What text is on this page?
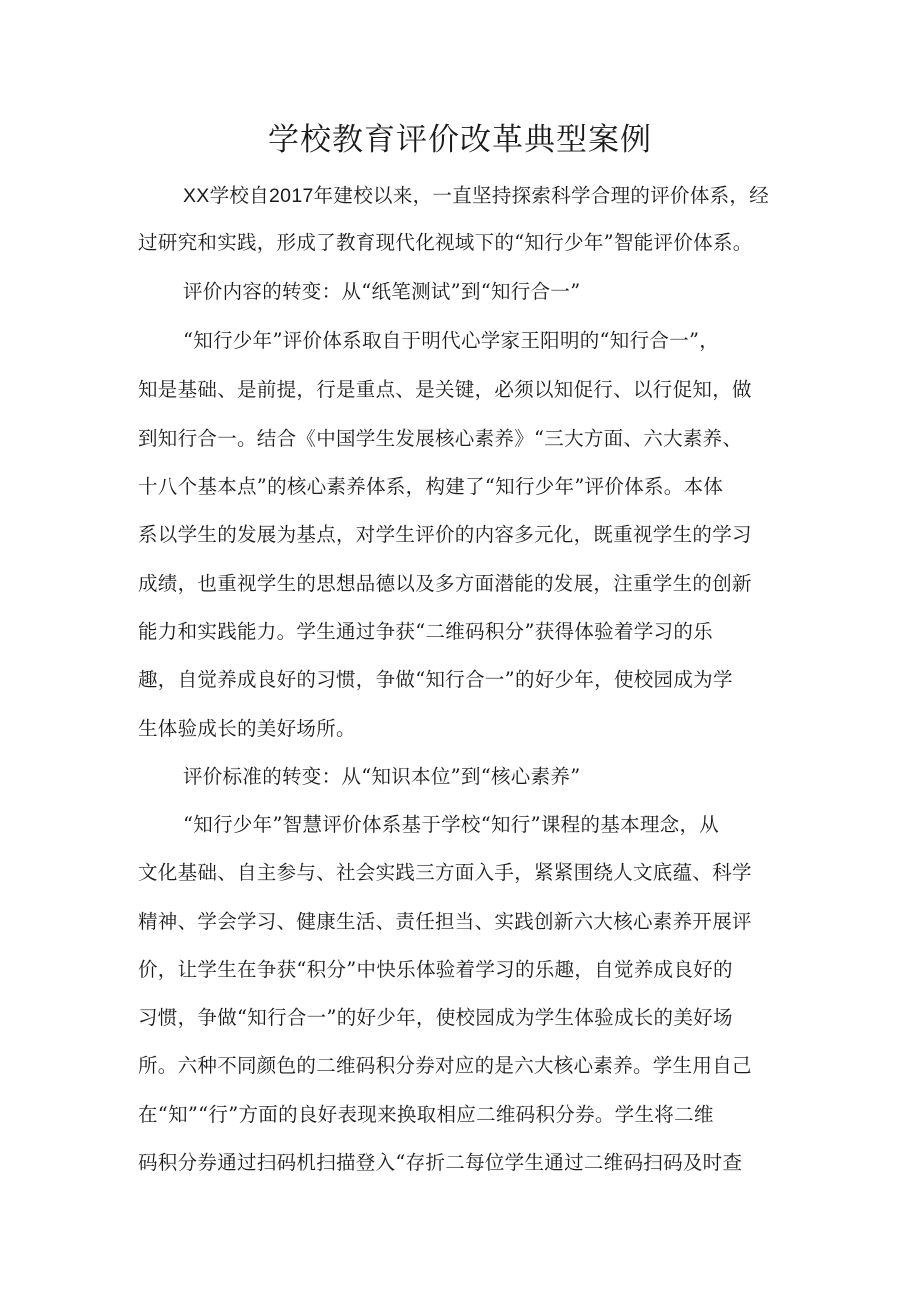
学校教育评价改革典型案例
XX学校自2017年建校以来，一直坚持探索科学合理的评价体系，经
过研究和实践，形成了教育现代化视域下的“知行少年”智能评价体系。
评价内容的转变：从“纸笔测试”到“知行合一”
“知行少年”评价体系取自于明代心学家王阳明的“知行合一”，
知是基础、是前提，行是重点、是关键，必须以知促行、以行促知，做
到知行合一。结合《中国学生发展核心素养》“三大方面、六大素养、
十八个基本点”的核心素养体系，构建了“知行少年”评价体系。本体
系以学生的发展为基点，对学生评价的内容多元化，既重视学生的学习
成绩，也重视学生的思想品德以及多方面潜能的发展，注重学生的创新
能力和实践能力。学生通过争获“二维码积分”获得体验着学习的乐
趣，自觉养成良好的习惯，争做“知行合一”的好少年，使校园成为学
生体验成长的美好场所。
评价标准的转变：从“知识本位”到“核心素养”
“知行少年”智慧评价体系基于学校“知行”课程的基本理念，从
文化基础、自主参与、社会实践三方面入手，紧紧围绕人文底蕴、科学
精神、学会学习、健康生活、责任担当、实践创新六大核心素养开展评
价，让学生在争获“积分”中快乐体验着学习的乐趣，自觉养成良好的
习惯，争做“知行合一”的好少年，使校园成为学生体验成长的美好场
所。六种不同颜色的二维码积分券对应的是六大核心素养。学生用自己
在“知”“行”方面的良好表现来换取相应二维码积分券。学生将二维
码积分券通过扫码机扫描登入“存折二每位学生通过二维码扫码及时查
